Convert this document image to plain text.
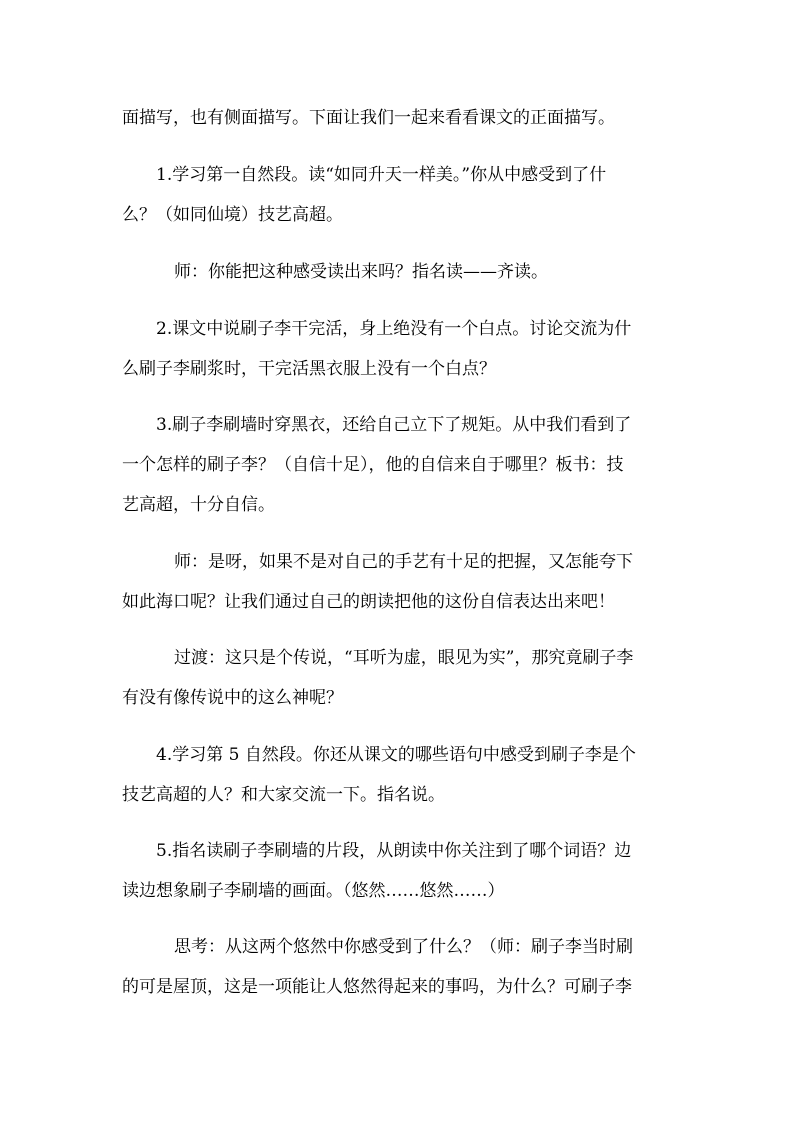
面描写，也有侧面描写。下面让我们一起来看看课文的正面描写。

1.学习第一自然段。读“如同升天一样美。”你从中感受到了什
么？（如同仙境）技艺高超。

师：你能把这种感受读出来吗？指名读——齐读。

2.课文中说刷子李干完活，身上绝没有一个白点。讨论交流为什
么刷子李刷浆时，干完活黑衣服上没有一个白点？

3.刷子李刷墙时穿黑衣，还给自己立下了规矩。从中我们看到了
一个怎样的刷子李？（自信十足），他的自信来自于哪里？板书：技
艺高超，十分自信。

师：是呀，如果不是对自己的手艺有十足的把握，又怎能夸下
如此海口呢？让我们通过自己的朗读把他的这份自信表达出来吧！

过渡：这只是个传说，“耳听为虚，眼见为实”，那究竟刷子李
有没有像传说中的这么神呢？

4.学习第 5 自然段。你还从课文的哪些语句中感受到刷子李是个
技艺高超的人？和大家交流一下。指名说。

5.指名读刷子李刷墙的片段，从朗读中你关注到了哪个词语？边
读边想象刷子李刷墙的画面。（悠然……悠然……）

思考：从这两个悠然中你感受到了什么？（师：刷子李当时刷
的可是屋顶，这是一项能让人悠然得起来的事吗，为什么？可刷子李
